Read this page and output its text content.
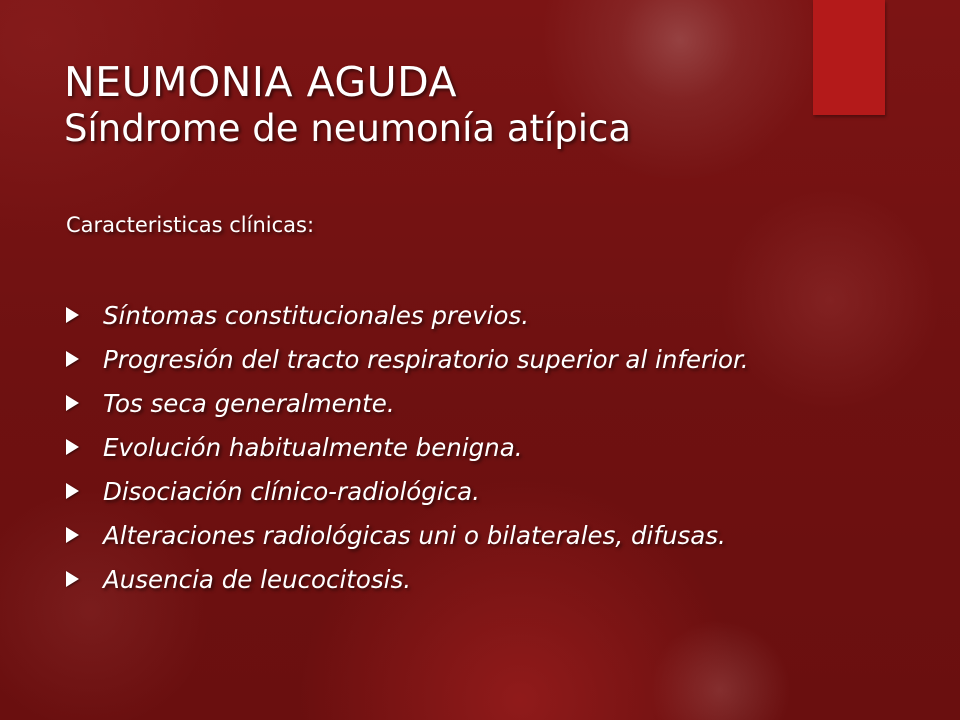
NEUMONIA AGUDA
Síndrome de neumonía atípica
Caracteristicas clínicas:
Síntomas constitucionales previos.
Progresión del tracto respiratorio superior al inferior.
Tos seca generalmente.
Evolución habitualmente benigna.
Disociación clínico-radiológica.
Alteraciones radiológicas uni o bilaterales, difusas.
Ausencia de leucocitosis.
